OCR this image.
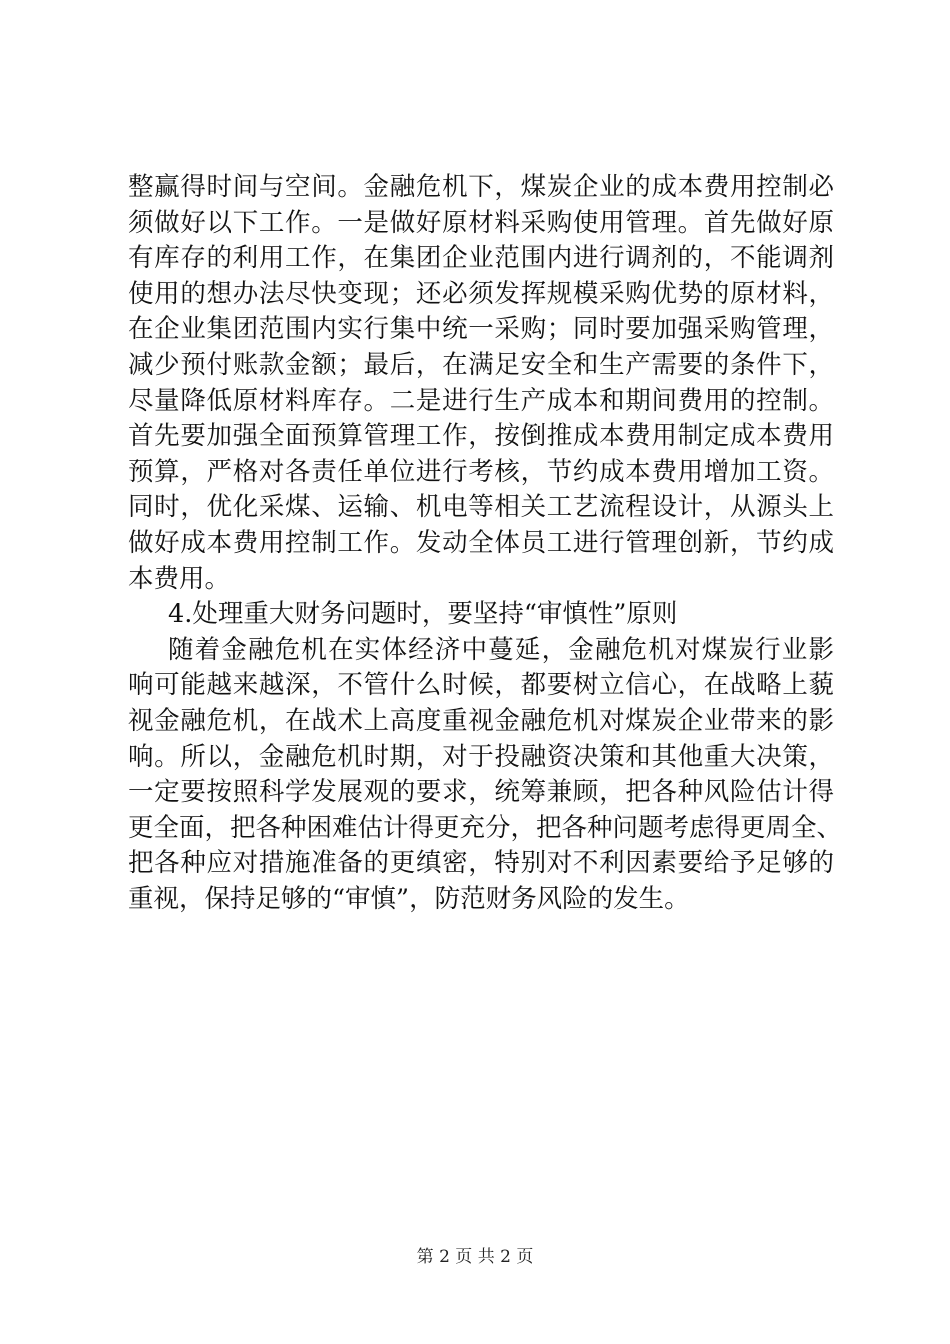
整赢得时间与空间。金融危机下，煤炭企业的成本费用控制必
须做好以下工作。一是做好原材料采购使用管理。首先做好原
有库存的利用工作，在集团企业范围内进行调剂的，不能调剂
使用的想办法尽快变现；还必须发挥规模采购优势的原材料，
在企业集团范围内实行集中统一采购；同时要加强采购管理，
减少预付账款金额；最后，在满足安全和生产需要的条件下，
尽量降低原材料库存。二是进行生产成本和期间费用的控制。
首先要加强全面预算管理工作，按倒推成本费用制定成本费用
预算，严格对各责任单位进行考核，节约成本费用增加工资。
同时，优化采煤、运输、机电等相关工艺流程设计，从源头上
做好成本费用控制工作。发动全体员工进行管理创新，节约成
本费用。
4.处理重大财务问题时，要坚持“审慎性”原则
随着金融危机在实体经济中蔓延，金融危机对煤炭行业影
响可能越来越深，不管什么时候，都要树立信心，在战略上藐
视金融危机，在战术上高度重视金融危机对煤炭企业带来的影
响。所以，金融危机时期，对于投融资决策和其他重大决策，
一定要按照科学发展观的要求，统筹兼顾，把各种风险估计得
更全面，把各种困难估计得更充分，把各种问题考虑得更周全、
把各种应对措施准备的更缜密，特别对不利因素要给予足够的
重视，保持足够的“审慎”，防范财务风险的发生。
第 2 页 共 2 页
